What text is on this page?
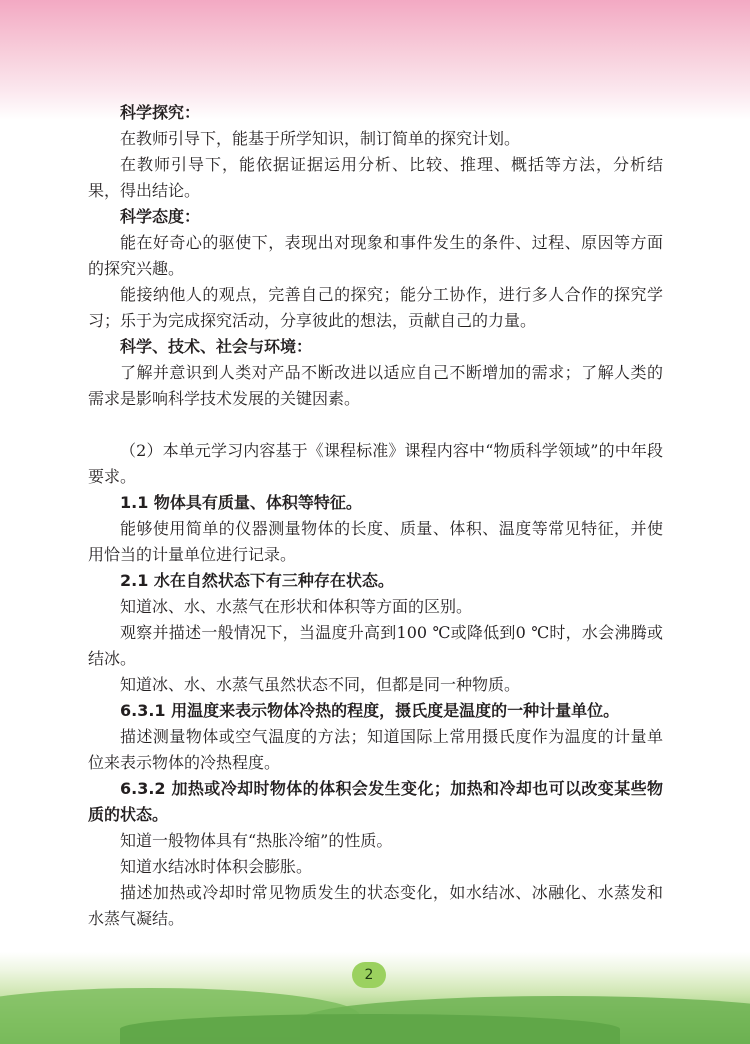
科学探究：

在教师引导下，能基于所学知识，制订简单的探究计划。

在教师引导下，能依据证据运用分析、比较、推理、概括等方法，分析结果，得出结论。

科学态度：

能在好奇心的驱使下，表现出对现象和事件发生的条件、过程、原因等方面的探究兴趣。

能接纳他人的观点，完善自己的探究；能分工协作，进行多人合作的探究学习；乐于为完成探究活动，分享彼此的想法，贡献自己的力量。

科学、技术、社会与环境：

了解并意识到人类对产品不断改进以适应自己不断增加的需求；了解人类的需求是影响科学技术发展的关键因素。

（2）本单元学习内容基于《课程标准》课程内容中“物质科学领域”的中年段要求。

1.1 物体具有质量、体积等特征。

能够使用简单的仪器测量物体的长度、质量、体积、温度等常见特征，并使用恰当的计量单位进行记录。

2.1 水在自然状态下有三种存在状态。

知道冰、水、水蒸气在形状和体积等方面的区别。

观察并描述一般情况下，当温度升高到100 ℃或降低到0 ℃时，水会沸腾或结冰。

知道冰、水、水蒸气虽然状态不同，但都是同一种物质。

6.3.1 用温度来表示物体冷热的程度，摄氏度是温度的一种计量单位。

描述测量物体或空气温度的方法；知道国际上常用摄氏度作为温度的计量单位来表示物体的冷热程度。

6.3.2 加热或冷却时物体的体积会发生变化；加热和冷却也可以改变某些物质的状态。

知道一般物体具有“热胀冷缩”的性质。

知道水结冰时体积会膨胀。

描述加热或冷却时常见物质发生的状态变化，如水结冰、冰融化、水蒸发和水蒸气凝结。

2
